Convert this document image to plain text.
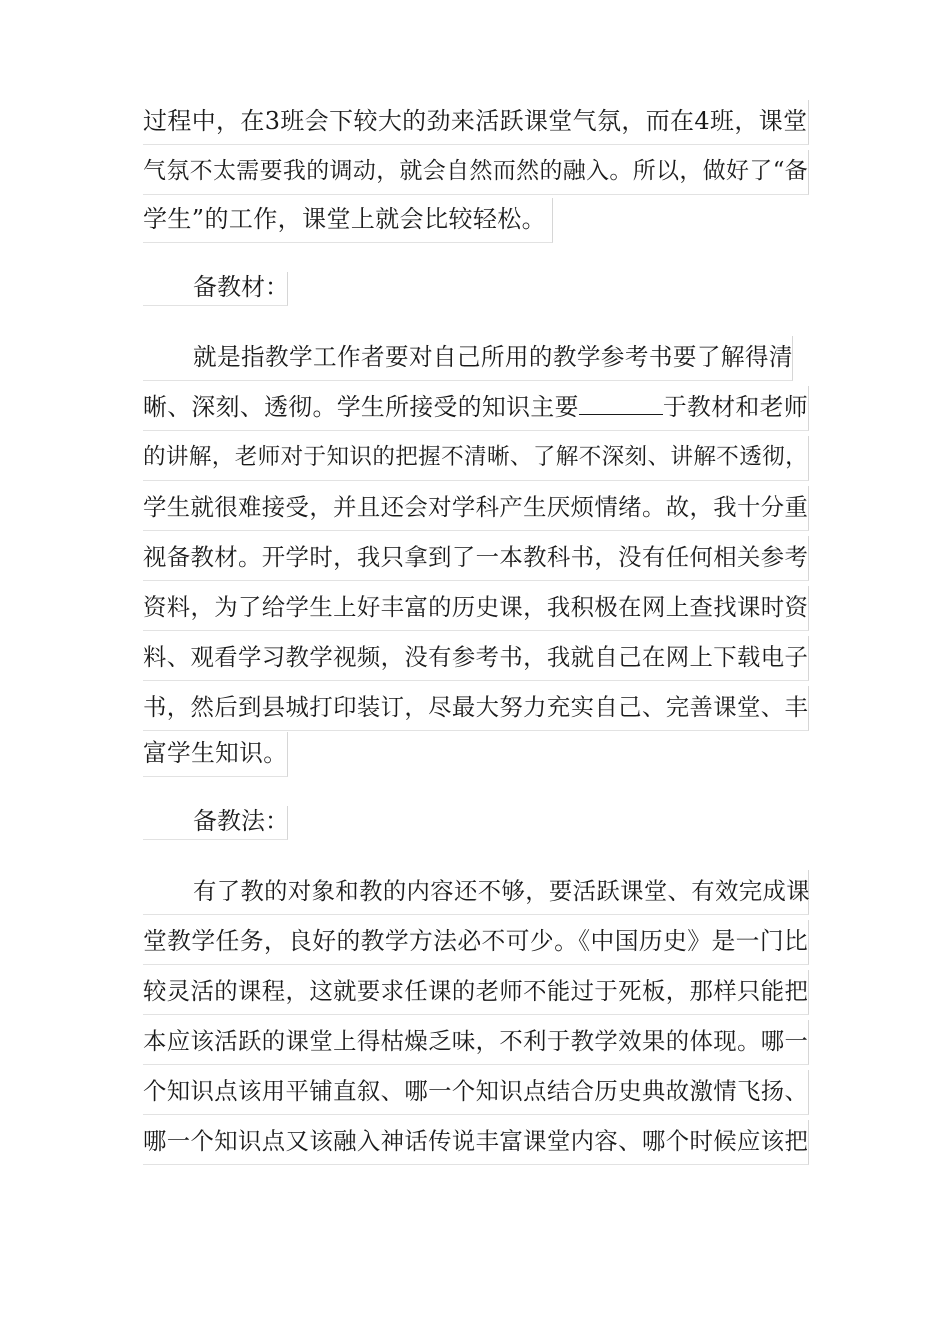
过程中，在3班会下较大的劲来活跃课堂气氛，而在4班，课堂
气氛不太需要我的调动，就会自然而然的融入。所以，做好了“备
学生”的工作，课堂上就会比较轻松。
备教材：
就是指教学工作者要对自己所用的教学参考书要了解得清
晰、深刻、透彻。学生所接受的知识主要	于教材和老师
的讲解，老师对于知识的把握不清晰、了解不深刻、讲解不透彻，
学生就很难接受，并且还会对学科产生厌烦情绪。故，我十分重
视备教材。开学时，我只拿到了一本教科书，没有任何相关参考
资料，为了给学生上好丰富的历史课，我积极在网上查找课时资
料、观看学习教学视频，没有参考书，我就自己在网上下载电子
书，然后到县城打印装订，尽最大努力充实自己、完善课堂、丰
富学生知识。
备教法：
有了教的对象和教的内容还不够，要活跃课堂、有效完成课
堂教学任务，良好的教学方法必不可少。《中国历史》是一门比
较灵活的课程，这就要求任课的老师不能过于死板，那样只能把
本应该活跃的课堂上得枯燥乏味，不利于教学效果的体现。哪一
个知识点该用平铺直叙、哪一个知识点结合历史典故激情飞扬、
哪一个知识点又该融入神话传说丰富课堂内容、哪个时候应该把
